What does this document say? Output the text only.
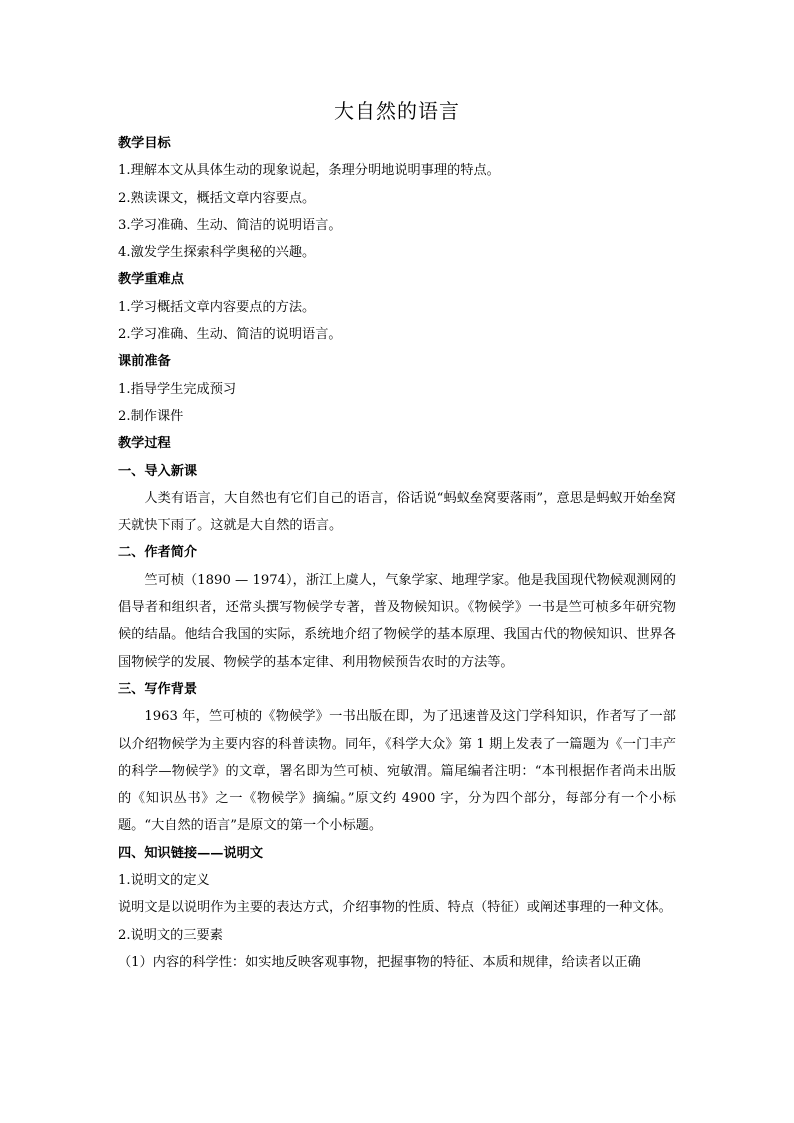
大自然的语言

教学目标

1.理解本文从具体生动的现象说起，条理分明地说明事理的特点。

2.熟读课文，概括文章内容要点。

3.学习准确、生动、简洁的说明语言。

4.激发学生探索科学奥秘的兴趣。

教学重难点

1.学习概括文章内容要点的方法。

2.学习准确、生动、简洁的说明语言。

课前准备

1.指导学生完成预习

2.制作课件

教学过程

一、导入新课

人类有语言，大自然也有它们自己的语言，俗话说“蚂蚁垒窝要落雨”，意思是蚂蚁开始垒窝天就快下雨了。这就是大自然的语言。

二、作者简介

竺可桢（1890 — 1974），浙江上虞人，气象学家、地理学家。他是我国现代物候观测网的倡导者和组织者，还常头撰写物候学专著，普及物候知识。《物候学》一书是竺可桢多年研究物候的结晶。他结合我国的实际，系统地介绍了物候学的基本原理、我国古代的物候知识、世界各国物候学的发展、物候学的基本定律、利用物候预告农时的方法等。

三、写作背景

1963 年，竺可桢的《物候学》一书出版在即，为了迅速普及这门学科知识，作者写了一部以介绍物候学为主要内容的科普读物。同年，《科学大众》第 1 期上发表了一篇题为《一门丰产的科学—物候学》的文章，署名即为竺可桢、宛敏渭。篇尾编者注明：“本刊根据作者尚未出版的《知识丛书》之一《物候学》摘编。”原文约 4900 字，分为四个部分，每部分有一个小标题。“大自然的语言”是原文的第一个小标题。

四、知识链接——说明文

1.说明文的定义

说明文是以说明作为主要的表达方式，介绍事物的性质、特点（特征）或阐述事理的一种文体。

2.说明文的三要素

（1）内容的科学性：如实地反映客观事物，把握事物的特征、本质和规律，给读者以正确
